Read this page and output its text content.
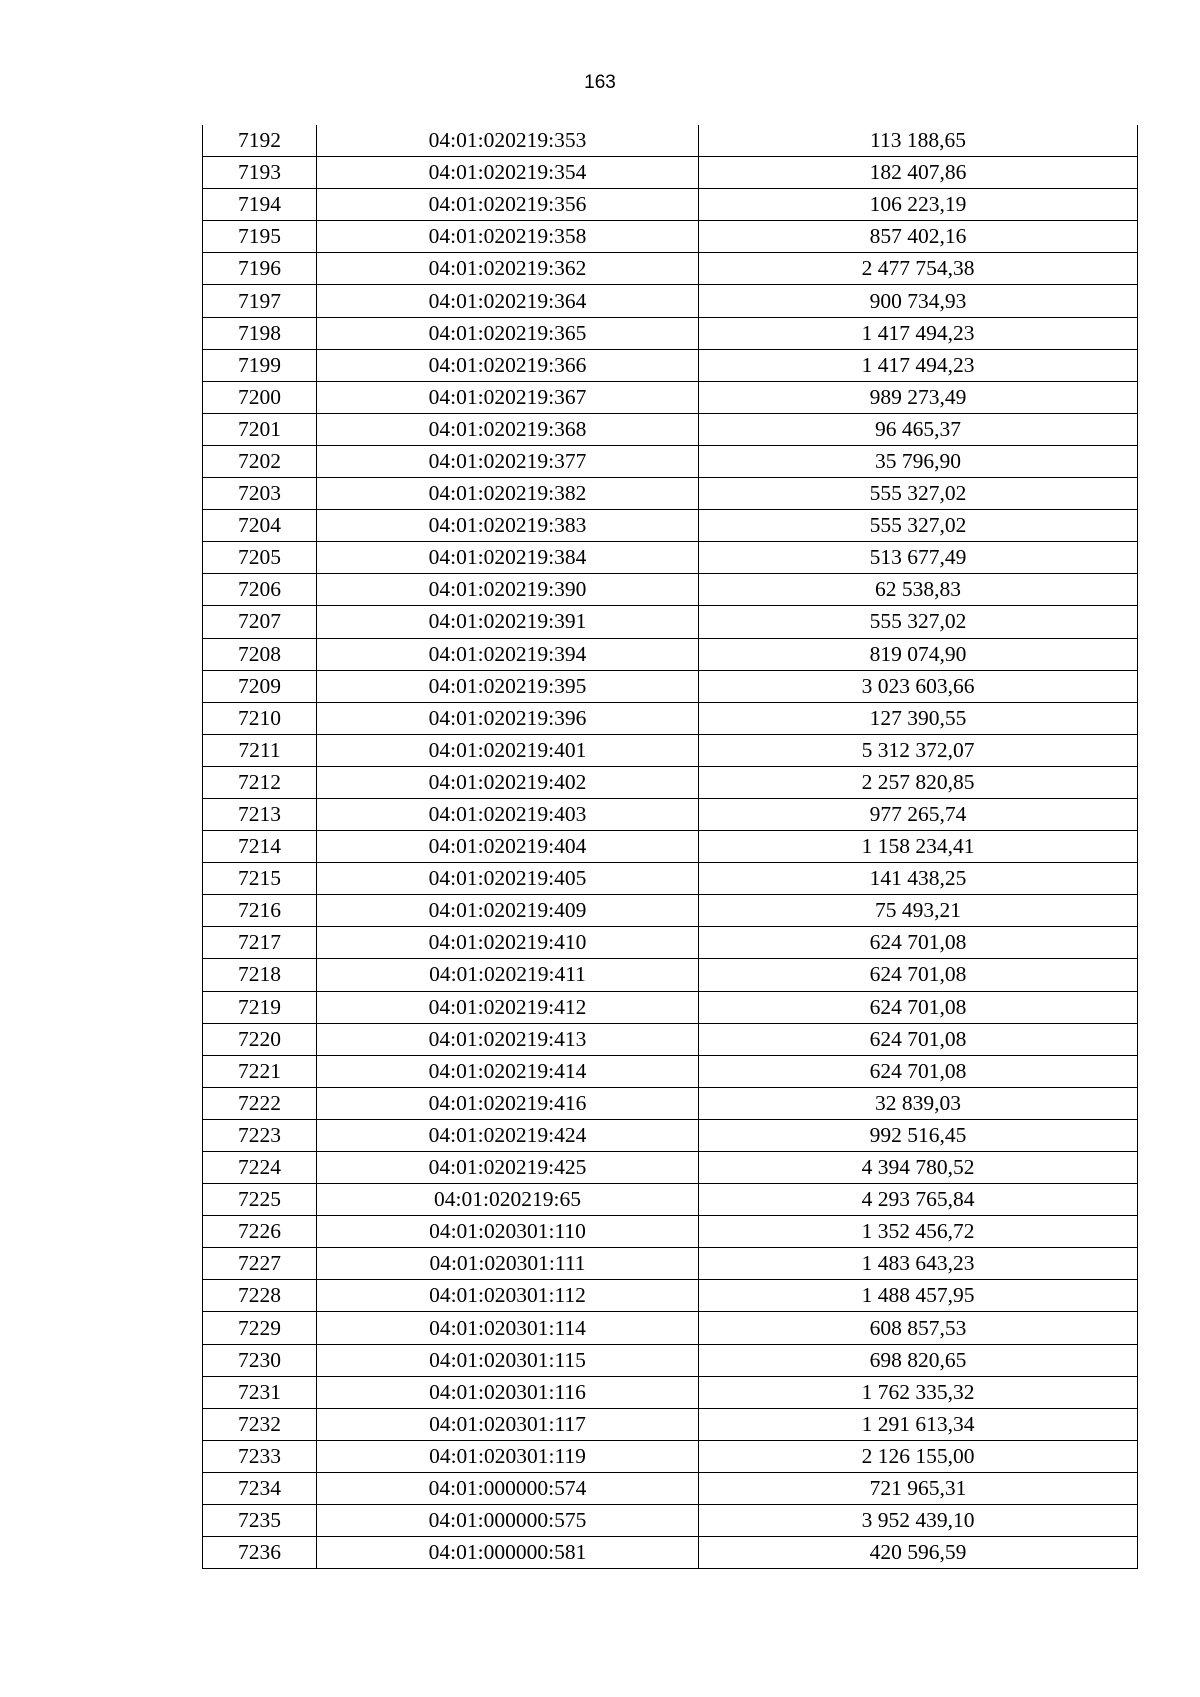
163
7192	04:01:020219:353	113 188,65
7193	04:01:020219:354	182 407,86
7194	04:01:020219:356	106 223,19
7195	04:01:020219:358	857 402,16
7196	04:01:020219:362	2 477 754,38
7197	04:01:020219:364	900 734,93
7198	04:01:020219:365	1 417 494,23
7199	04:01:020219:366	1 417 494,23
7200	04:01:020219:367	989 273,49
7201	04:01:020219:368	96 465,37
7202	04:01:020219:377	35 796,90
7203	04:01:020219:382	555 327,02
7204	04:01:020219:383	555 327,02
7205	04:01:020219:384	513 677,49
7206	04:01:020219:390	62 538,83
7207	04:01:020219:391	555 327,02
7208	04:01:020219:394	819 074,90
7209	04:01:020219:395	3 023 603,66
7210	04:01:020219:396	127 390,55
7211	04:01:020219:401	5 312 372,07
7212	04:01:020219:402	2 257 820,85
7213	04:01:020219:403	977 265,74
7214	04:01:020219:404	1 158 234,41
7215	04:01:020219:405	141 438,25
7216	04:01:020219:409	75 493,21
7217	04:01:020219:410	624 701,08
7218	04:01:020219:411	624 701,08
7219	04:01:020219:412	624 701,08
7220	04:01:020219:413	624 701,08
7221	04:01:020219:414	624 701,08
7222	04:01:020219:416	32 839,03
7223	04:01:020219:424	992 516,45
7224	04:01:020219:425	4 394 780,52
7225	04:01:020219:65	4 293 765,84
7226	04:01:020301:110	1 352 456,72
7227	04:01:020301:111	1 483 643,23
7228	04:01:020301:112	1 488 457,95
7229	04:01:020301:114	608 857,53
7230	04:01:020301:115	698 820,65
7231	04:01:020301:116	1 762 335,32
7232	04:01:020301:117	1 291 613,34
7233	04:01:020301:119	2 126 155,00
7234	04:01:000000:574	721 965,31
7235	04:01:000000:575	3 952 439,10
7236	04:01:000000:581	420 596,59
